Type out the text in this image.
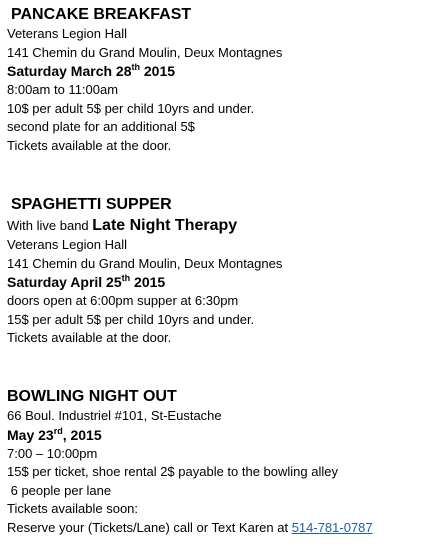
PANCAKE BREAKFAST
Veterans Legion Hall
141 Chemin du Grand Moulin, Deux Montagnes
Saturday March 28th 2015
8:00am to 11:00am
10$ per adult 5$ per child 10yrs and under.
second plate for an additional 5$
Tickets available at the door.
SPAGHETTI SUPPER
With live band Late Night Therapy
Veterans Legion Hall
141 Chemin du Grand Moulin, Deux Montagnes
Saturday April 25th 2015
doors open at 6:00pm supper at 6:30pm
15$ per adult 5$ per child 10yrs and under.
Tickets available at the door.
BOWLING NIGHT OUT
66 Boul. Industriel #101, St-Eustache
May 23rd, 2015
7:00 – 10:00pm
15$ per ticket, shoe rental 2$ payable to the bowling alley
6 people per lane
Tickets available soon:
Reserve your (Tickets/Lane) call or Text Karen at 514-781-0787
